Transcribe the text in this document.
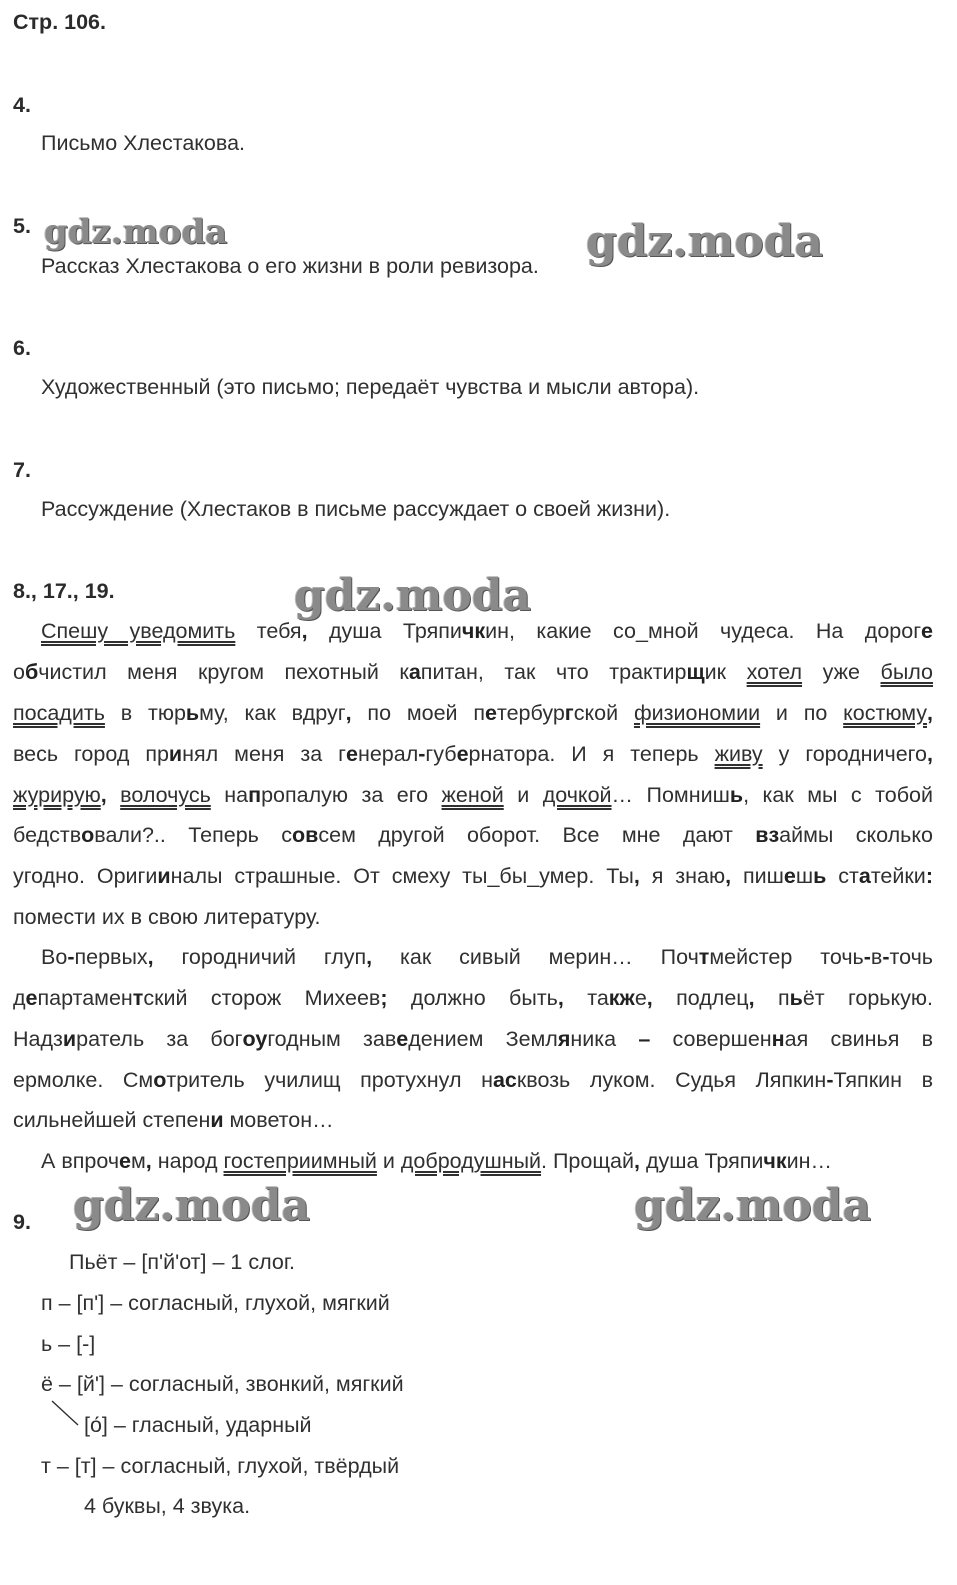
Стр. 106.
4.
Письмо Хлестакова.
5.
Рассказ Хлестакова о его жизни в роли ревизора.
6.
Художественный (это письмо; передаёт чувства и мысли автора).
7.
Рассуждение (Хлестаков в письме рассуждает о своей жизни).
8., 17., 19.
Спешу уведомить тебя, душа Тряпичкин, какие со_мной чудеса. На дороге
обчистил меня кругом пехотный капитан, так что трактирщик хотел уже было
посадить в тюрьму, как вдруг, по моей петербургской физиономии и по костюму,
весь город принял меня за генерал-губернатора. И я теперь живу у городничего,
журирую, волочусь напропалую за его женой и дочкой… Помнишь, как мы с тобой
бедствовали?.. Теперь совсем другой оборот. Все мне дают взаймы сколько
угодно. Оригииналы страшные. От смеху ты_бы_умер. Ты, я знаю, пишешь статейки:
помести их в свою литературу.
Во-первых, городничий глуп, как сивый мерин… Почтмейстер точь-в-точь
департаментский сторож Михеев; должно быть, также, подлец, пьёт горькую.
Надзиратель за богоугодным заведением Земляника – совершенная свинья в
ермолке. Смотритель училищ протухнул насквозь луком. Судья Ляпкин-Тяпкин в
сильнейшей степени моветон…
А впрочем, народ гостеприимный и добродушный. Прощай, душа Тряпичкин…
9.
Пьёт – [п'й'от] – 1 слог.
п – [п'] – согласный, глухой, мягкий
ь – [-]
ё – [й'] – согласный, звонкий, мягкий
[о́] – гласный, ударный
т – [т] – согласный, глухой, твёрдый
4 буквы, 4 звука.
gdz.moda	gdz.moda
gdz.moda
gdz.moda	gdz.moda
